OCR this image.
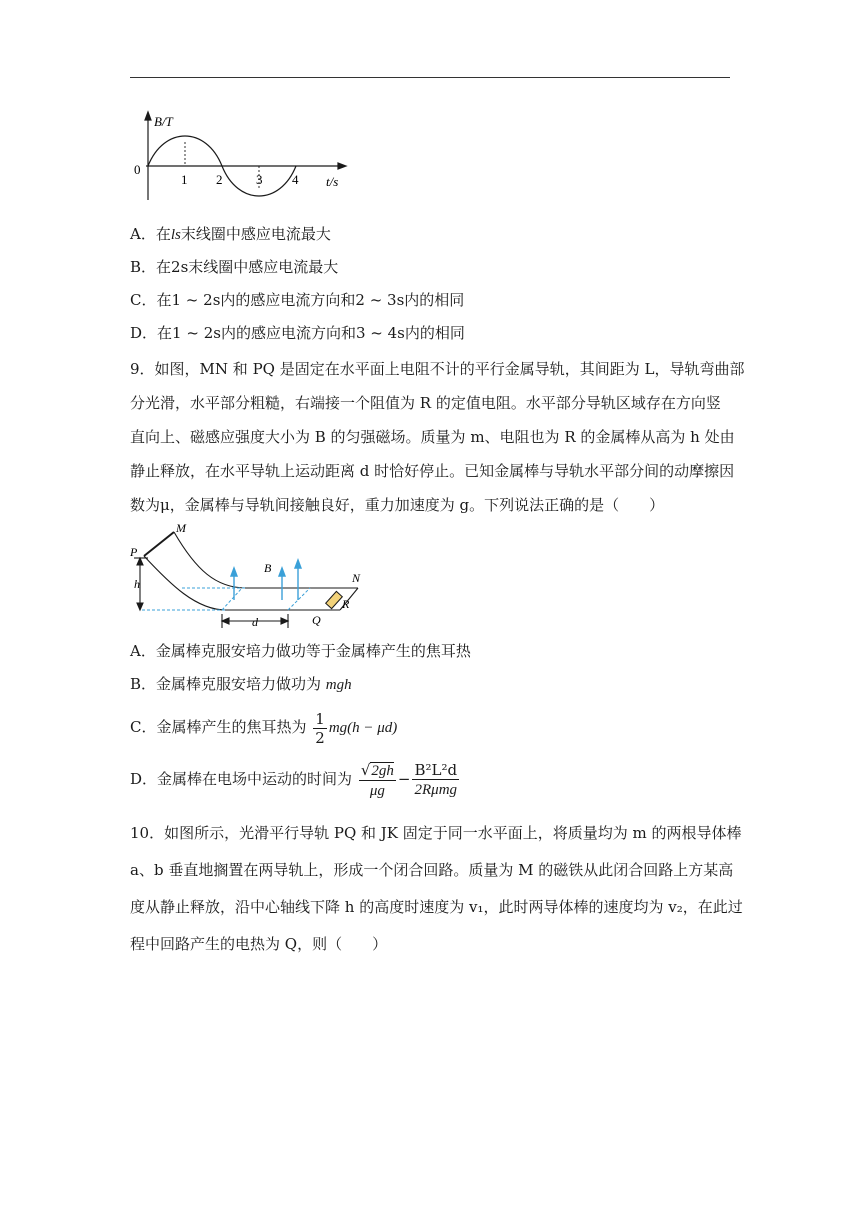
B/T
0
1 2	3 4 t/s
A．在ls末线圈中感应电流最大
B．在2s末线圈中感应电流最大
C．在1 ~ 2s内的感应电流方向和2 ~ 3s内的相同
D．在1 ~ 2s内的感应电流方向和3 ~ 4s内的相同
9．如图，MN 和 PQ 是固定在水平面上电阻不计的平行金属导轨，其间距为 L，导轨弯曲部
分光滑，水平部分粗糙，右端接一个阻值为 R 的定值电阻。水平部分导轨区域存在方向竖
直向上、磁感应强度大小为 B 的匀强磁场。质量为 m、电阻也为 R 的金属棒从高为 h 处由
静止释放，在水平导轨上运动距离 d 时恰好停止。已知金属棒与导轨水平部分间的动摩擦因
数为μ，金属棒与导轨间接触良好，重力加速度为 g。下列说法正确的是（　　）
M
P
h
B
N
R
Q
d
A．金属棒克服安培力做功等于金属棒产生的焦耳热
B．金属棒克服安培力做功为 mgh
C．金属棒产生的焦耳热为 $\frac{1}{2} mg(h - \mu d)$
D．金属棒在电场中运动的时间为 $\frac{√2gh}{\mu g} - \frac{\text{B²L²d}}{\text{2Rμmg}}$
10．如图所示，光滑平行导轨 PQ 和 JK 固定于同一水平面上，将质量均为 m 的两根导体棒
a、b 垂直地搁置在两导轨上，形成一个闭合回路。质量为 M 的磁铁从此闭合回路上方某高
度从静止释放，沿中心轴线下降 h 的高度时速度为 v₁，此时两导体棒的速度均为 v₂，在此过
程中回路产生的电热为 Q，则（　　）
